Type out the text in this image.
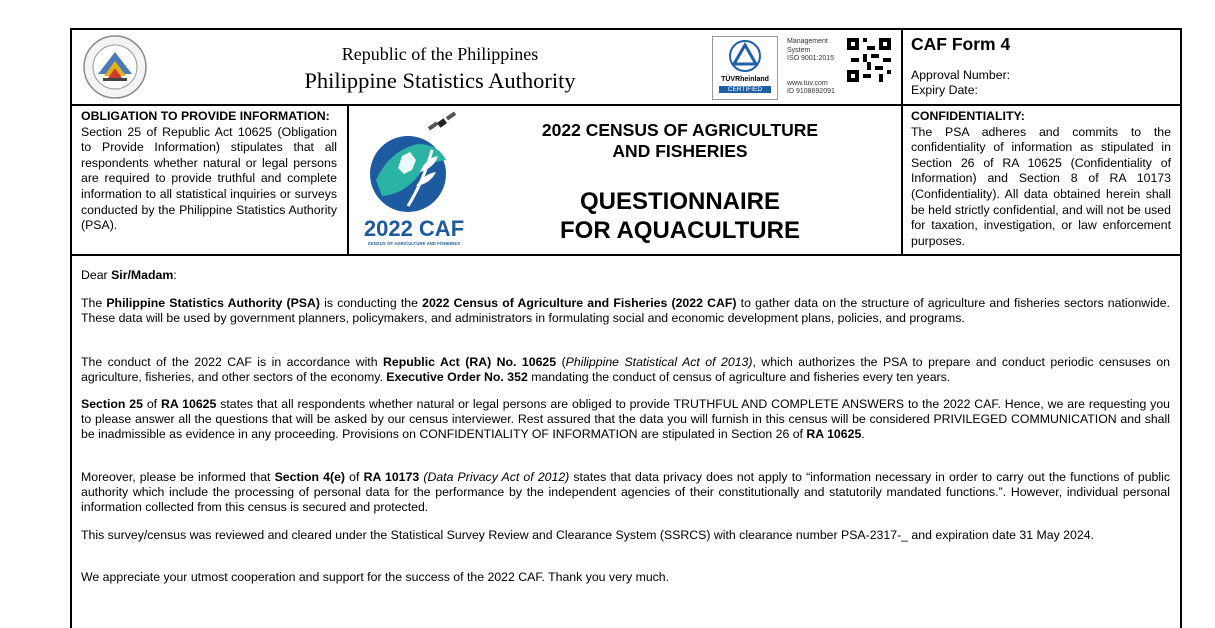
Republic of the Philippines
Philippine Statistics Authority	TÜVRheinland
CERTIFIED
Management
System
ISO 9001:2015
www.tuv.com
ID 9108692091
CAF Form 4
Approval Number:
Expiry Date:
OBLIGATION TO PROVIDE INFORMATION:
Section 25 of Republic Act 10625 (Obligation to Provide Information) stipulates that all respondents whether natural or legal persons are required to provide truthful and complete information to all statistical inquiries or surveys conducted by the Philippine Statistics Authority (PSA).	2022 CAF
CENSUS OF AGRICULTURE AND FISHERIES
2022 CENSUS OF AGRICULTURE
AND FISHERIES
QUESTIONNAIRE
FOR AQUACULTURE
CONFIDENTIALITY:
The PSA adheres and commits to the confidentiality of information as stipulated in Section 26 of RA 10625 (Confidentiality of Information) and Section 8 of RA 10173 (Confidentiality). All data obtained herein shall be held strictly confidential, and will not be used for taxation, investigation, or law enforcement purposes.
Dear Sir/Madam:
The Philippine Statistics Authority (PSA) is conducting the 2022 Census of Agriculture and Fisheries (2022 CAF) to gather data on the structure of agriculture and fisheries sectors nationwide. These data will be used by government planners, policymakers, and administrators in formulating social and economic development plans, policies, and programs.
The conduct of the 2022 CAF is in accordance with Republic Act (RA) No. 10625 (Philippine Statistical Act of 2013), which authorizes the PSA to prepare and conduct periodic censuses on agriculture, fisheries, and other sectors of the economy. Executive Order No. 352 mandating the conduct of census of agriculture and fisheries every ten years.
Section 25 of RA 10625 states that all respondents whether natural or legal persons are obliged to provide TRUTHFUL AND COMPLETE ANSWERS to the 2022 CAF. Hence, we are requesting you to please answer all the questions that will be asked by our census interviewer. Rest assured that the data you will furnish in this census will be considered PRIVILEGED COMMUNICATION and shall be inadmissible as evidence in any proceeding. Provisions on CONFIDENTIALITY OF INFORMATION are stipulated in Section 26 of RA 10625.
Moreover, please be informed that Section 4(e) of RA 10173 (Data Privacy Act of 2012) states that data privacy does not apply to “information necessary in order to carry out the functions of public authority which include the processing of personal data for the performance by the independent agencies of their constitutionally and statutorily mandated functions.”. However, individual personal information collected from this census is secured and protected.
This survey/census was reviewed and cleared under the Statistical Survey Review and Clearance System (SSRCS) with clearance number PSA-2317-_ and expiration date 31 May 2024.
We appreciate your utmost cooperation and support for the success of the 2022 CAF. Thank you very much.
